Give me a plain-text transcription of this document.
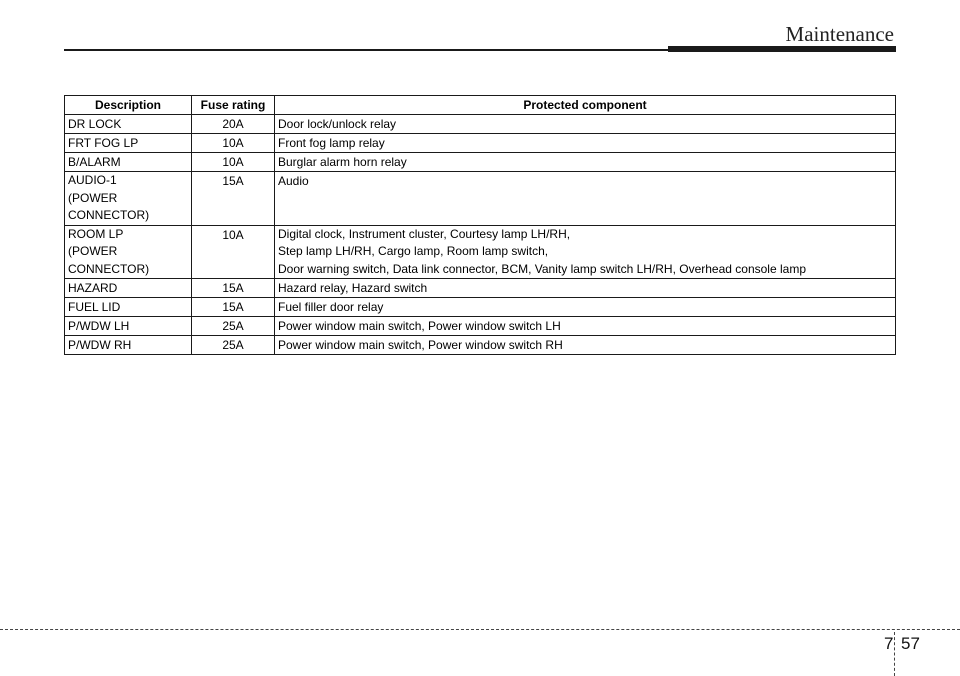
Maintenance
Description	Fuse rating	Protected component

DR LOCK	20A	Door lock/unlock relay

FRT FOG LP	10A	Front fog lamp relay

B/ALARM	10A	Burglar alarm horn relay

AUDIO-1
(POWER
CONNECTOR)	15A	Audio

ROOM LP
(POWER
CONNECTOR)	10A	Digital clock, Instrument cluster, Courtesy lamp LH/RH,
Step lamp LH/RH, Cargo lamp, Room lamp switch,
Door warning switch, Data link connector, BCM, Vanity lamp switch LH/RH, Overhead console lamp

HAZARD	15A	Hazard relay, Hazard switch

FUEL LID	15A	Fuel filler door relay

P/WDW LH	25A	Power window main switch, Power window switch LH

P/WDW RH	25A	Power window main switch, Power window switch RH
7 57
